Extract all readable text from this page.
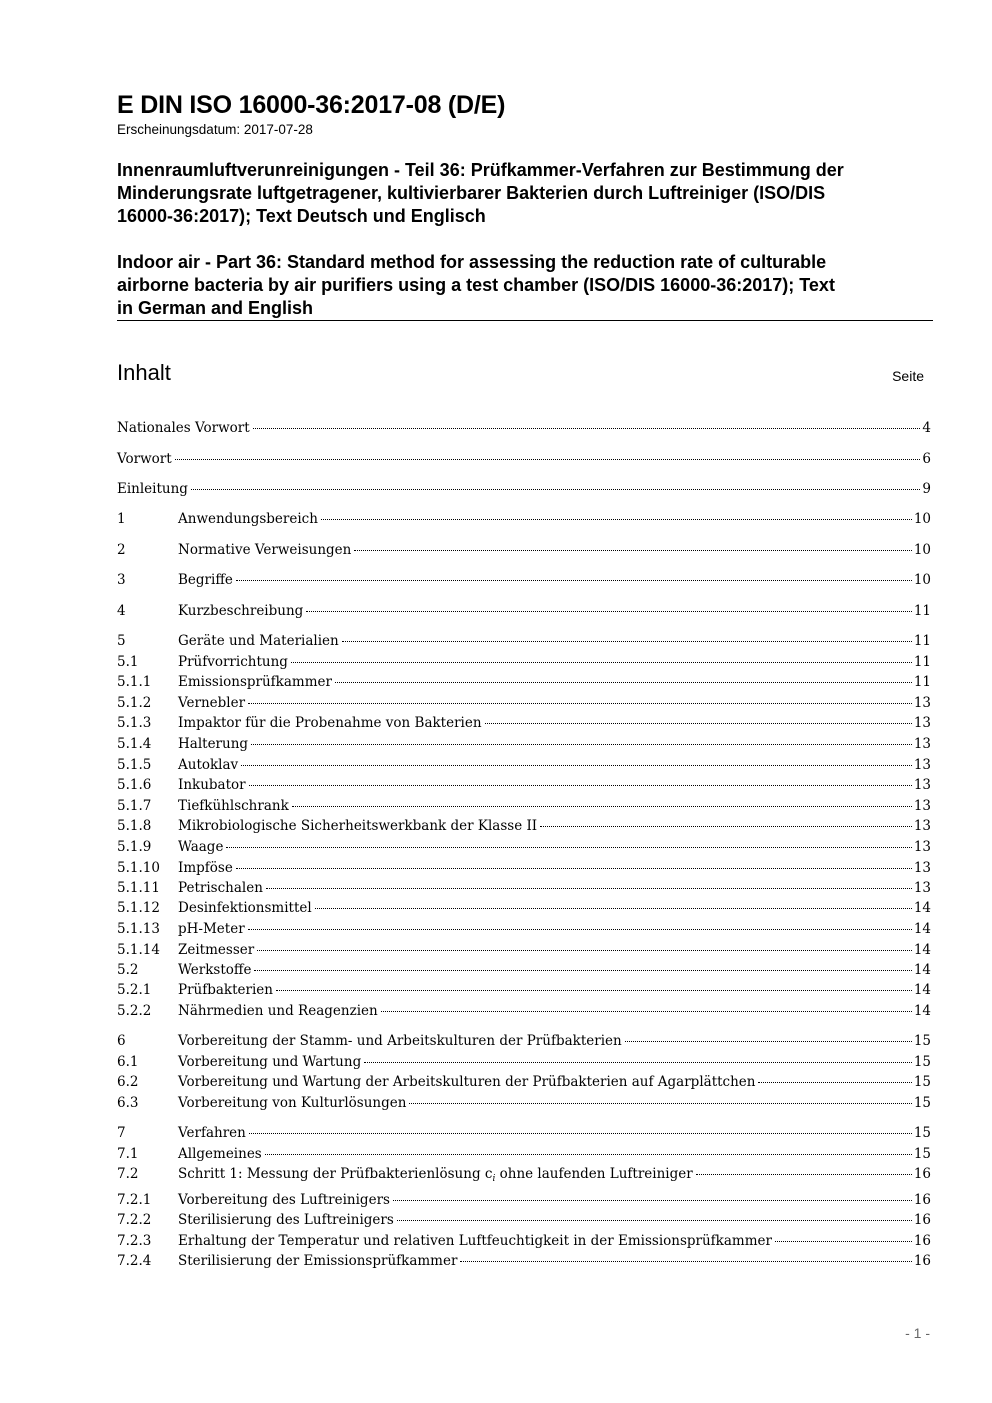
E DIN ISO 16000-36:2017-08 (D/E)
Erscheinungsdatum: 2017-07-28
Innenraumluftverunreinigungen - Teil 36: Prüfkammer-Verfahren zur Bestimmung der
Minderungsrate luftgetragener, kultivierbarer Bakterien durch Luftreiniger (ISO/DIS
16000-36:2017); Text Deutsch und Englisch
Indoor air - Part 36: Standard method for assessing the reduction rate of culturable
airborne bacteria by air purifiers using a test chamber (ISO/DIS 16000-36:2017); Text
in German and English
Inhalt	Seite
Nationales Vorwort	4
Vorwort	6
Einleitung	9
1	Anwendungsbereich	10
2	Normative Verweisungen	10
3	Begriffe	10
4	Kurzbeschreibung	11
5	Geräte und Materialien	11
5.1	Prüfvorrichtung	11
5.1.1	Emissionsprüfkammer	11
5.1.2	Vernebler	13
5.1.3	Impaktor für die Probenahme von Bakterien	13
5.1.4	Halterung	13
5.1.5	Autoklav	13
5.1.6	Inkubator	13
5.1.7	Tiefkühlschrank	13
5.1.8	Mikrobiologische Sicherheitswerkbank der Klasse II	13
5.1.9	Waage	13
5.1.10	Impföse	13
5.1.11	Petrischalen	13
5.1.12	Desinfektionsmittel	14
5.1.13	pH-Meter	14
5.1.14	Zeitmesser	14
5.2	Werkstoffe	14
5.2.1	Prüfbakterien	14
5.2.2	Nährmedien und Reagenzien	14
6	Vorbereitung der Stamm- und Arbeitskulturen der Prüfbakterien	15
6.1	Vorbereitung und Wartung	15
6.2	Vorbereitung und Wartung der Arbeitskulturen der Prüfbakterien auf Agarplättchen	15
6.3	Vorbereitung von Kulturlösungen	15
7	Verfahren	15
7.1	Allgemeines	15
7.2	Schritt 1: Messung der Prüfbakterienlösung $c_i$ ohne laufenden Luftreiniger	16
7.2.1	Vorbereitung des Luftreinigers	16
7.2.2	Sterilisierung des Luftreinigers	16
7.2.3	Erhaltung der Temperatur und relativen Luftfeuchtigkeit in der Emissionsprüfkammer	16
7.2.4	Sterilisierung der Emissionsprüfkammer	16
- 1 -
